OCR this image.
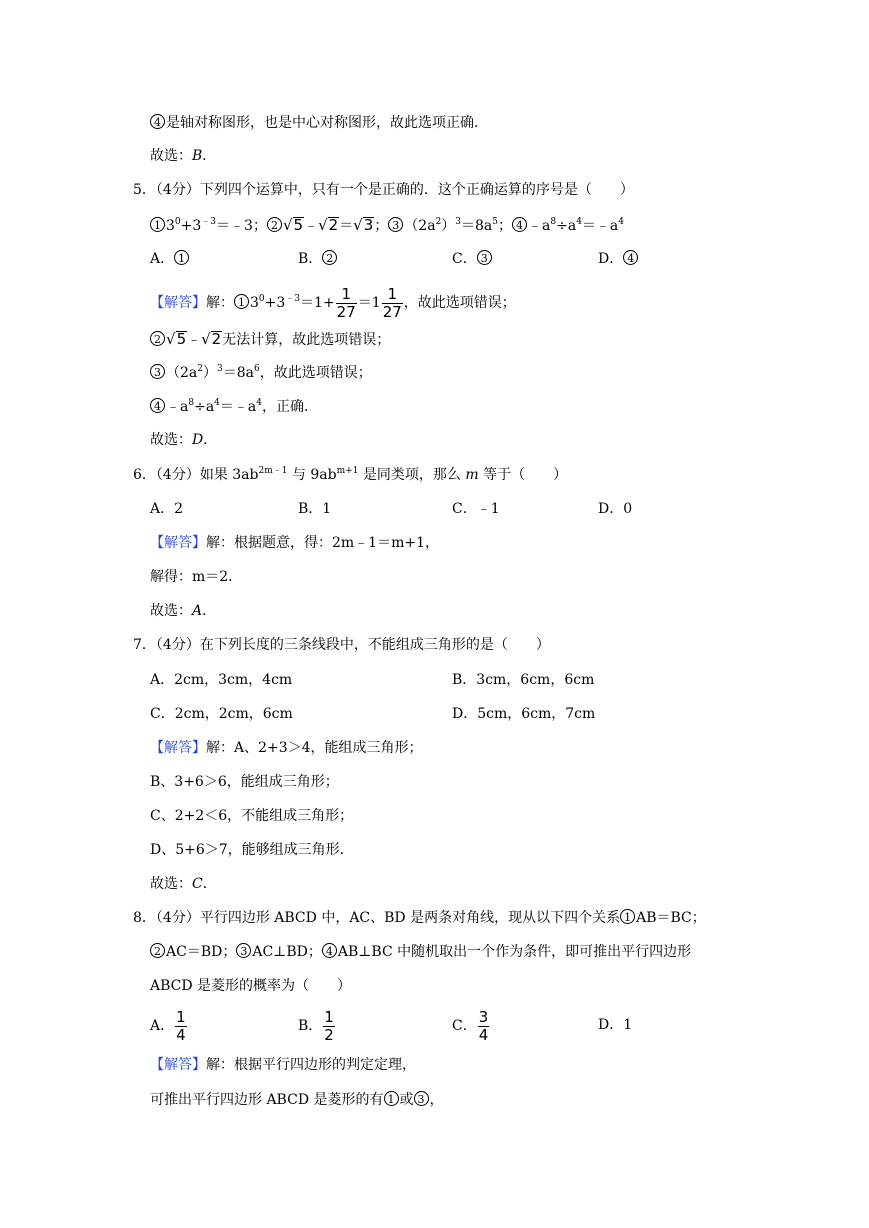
4 是轴对称图形，也是中心对称图形，故此选项正确．
故选：B．
5．（4分）下列四个运算中，只有一个是正确的．这个正确运算的序号是（　　）
1 $3^0+3^{﹣3}=﹣3$； 2 √5﹣√2＝√3； 3 $(2a^2)^3=8a^5$； 4 $﹣a^8\div a^4=﹣a^4$
A． 1	B． 2	C． 3	D． 4
【解答】解： 1 $3^0+3^{﹣3}=1+ \frac{1}{27} =1 \frac{1}{27}$ ，故此选项错误；
2 √5﹣√2无法计算，故此选项错误；
3 $(2a^2)^3=8a^6$，故此选项错误；
4 $﹣a^8\div a^4=﹣a^4$，正确．
故选：D．
6．（4分）如果 $3ab^{2m﹣1}$ 与 $9ab^{m+1}$ 是同类项，那么 m 等于（　　）
A．2	B．1	C．﹣1	D．0
【解答】解：根据题意，得：2m﹣1＝m+1，
解得：m＝2．
故选：A．
7．（4分）在下列长度的三条线段中，不能组成三角形的是（　　）
A．2cm，3cm，4cm	B．3cm，6cm，6cm
C．2cm，2cm，6cm	D．5cm，6cm，7cm
【解答】解：A、2+3＞4，能组成三角形；
B、3+6＞6，能组成三角形；
C、2+2＜6，不能组成三角形；
D、5+6＞7，能够组成三角形．
故选：C．
8．（4分）平行四边形 ABCD 中，AC、BD 是两条对角线，现从以下四个关系 1 AB＝BC；
2 AC＝BD； 3 AC⊥BD； 4 AB⊥BC 中随机取出一个作为条件，即可推出平行四边形
ABCD 是菱形的概率为（　　）
A． $\frac{1}{4}$	B． $\frac{1}{2}$	C． $\frac{3}{4}$	D．1
【解答】解：根据平行四边形的判定定理，
可推出平行四边形 ABCD 是菱形的有 1 或 3 ，
